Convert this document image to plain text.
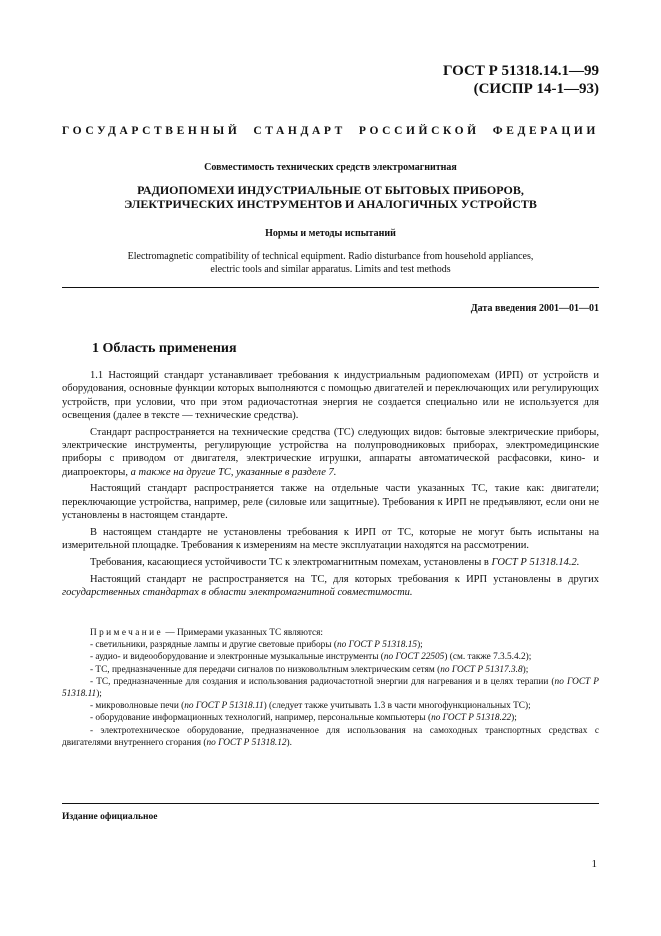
ГОСТ Р 51318.14.1—99
(СИСПР 14-1—93)
ГОСУДАРСТВЕННЫЙ СТАНДАРТ РОССИЙСКОЙ ФЕДЕРАЦИИ
Совместимость технических средств электромагнитная
РАДИОПОМЕХИ ИНДУСТРИАЛЬНЫЕ ОТ БЫТОВЫХ ПРИБОРОВ,
ЭЛЕКТРИЧЕСКИХ ИНСТРУМЕНТОВ И АНАЛОГИЧНЫХ УСТРОЙСТВ
Нормы и методы испытаний
Electromagnetic compatibility of technical equipment. Radio disturbance from household appliances,
electric tools and similar apparatus. Limits and test methods
Дата введения 2001—01—01
1 Область применения

1.1 Настоящий стандарт устанавливает требования к индустриальным радиопомехам (ИРП) от устройств и оборудования, основные функции которых выполняются с помощью двигателей и переключающих или регулирующих устройств, при условии, что при этом радиочастотная энергия не создается специально или не используется для освещения (далее в тексте — технические средства).

Стандарт распространяется на технические средства (ТС) следующих видов: бытовые электрические приборы, электрические инструменты, регулирующие устройства на полупроводниковых приборах, электромедицинские приборы с приводом от двигателя, электрические игрушки, аппараты автоматической расфасовки, кино- и диапроекторы, а также на другие ТС, указанные в разделе 7.

Настоящий стандарт распространяется также на отдельные части указанных ТС, такие как: двигатели; переключающие устройства, например, реле (силовые или защитные). Требования к ИРП не предъявляют, если они не установлены в настоящем стандарте.

В настоящем стандарте не установлены требования к ИРП от ТС, которые не могут быть испытаны на измерительной площадке. Требования к измерениям на месте эксплуатации находятся на рассмотрении.

Требования, касающиеся устойчивости ТС к электромагнитным помехам, установлены в ГОСТ Р 51318.14.2.

Настоящий стандарт не распространяется на ТС, для которых требования к ИРП установлены в других государственных стандартах в области электромагнитной совместимости.

Примечание — Примерами указанных ТС являются:

- светильники, разрядные лампы и другие световые приборы (по ГОСТ Р 51318.15);

- аудио- и видеооборудование и электронные музыкальные инструменты (по ГОСТ 22505) (см. также 7.3.5.4.2);

- ТС, предназначенные для передачи сигналов по низковольтным электрическим сетям (по ГОСТ Р 51317.3.8);

- ТС, предназначенные для создания и использования радиочастотной энергии для нагревания и в целях терапии (по ГОСТ Р 51318.11);

- микроволновые печи (по ГОСТ Р 51318.11) (следует также учитывать 1.3 в части многофункциональных ТС);

- оборудование информационных технологий, например, персональные компьютеры (по ГОСТ Р 51318.22);

- электротехническое оборудование, предназначенное для использования на самоходных транспортных средствах с двигателями внутреннего сгорания (по ГОСТ Р 51318.12).

Издание официальное
1
